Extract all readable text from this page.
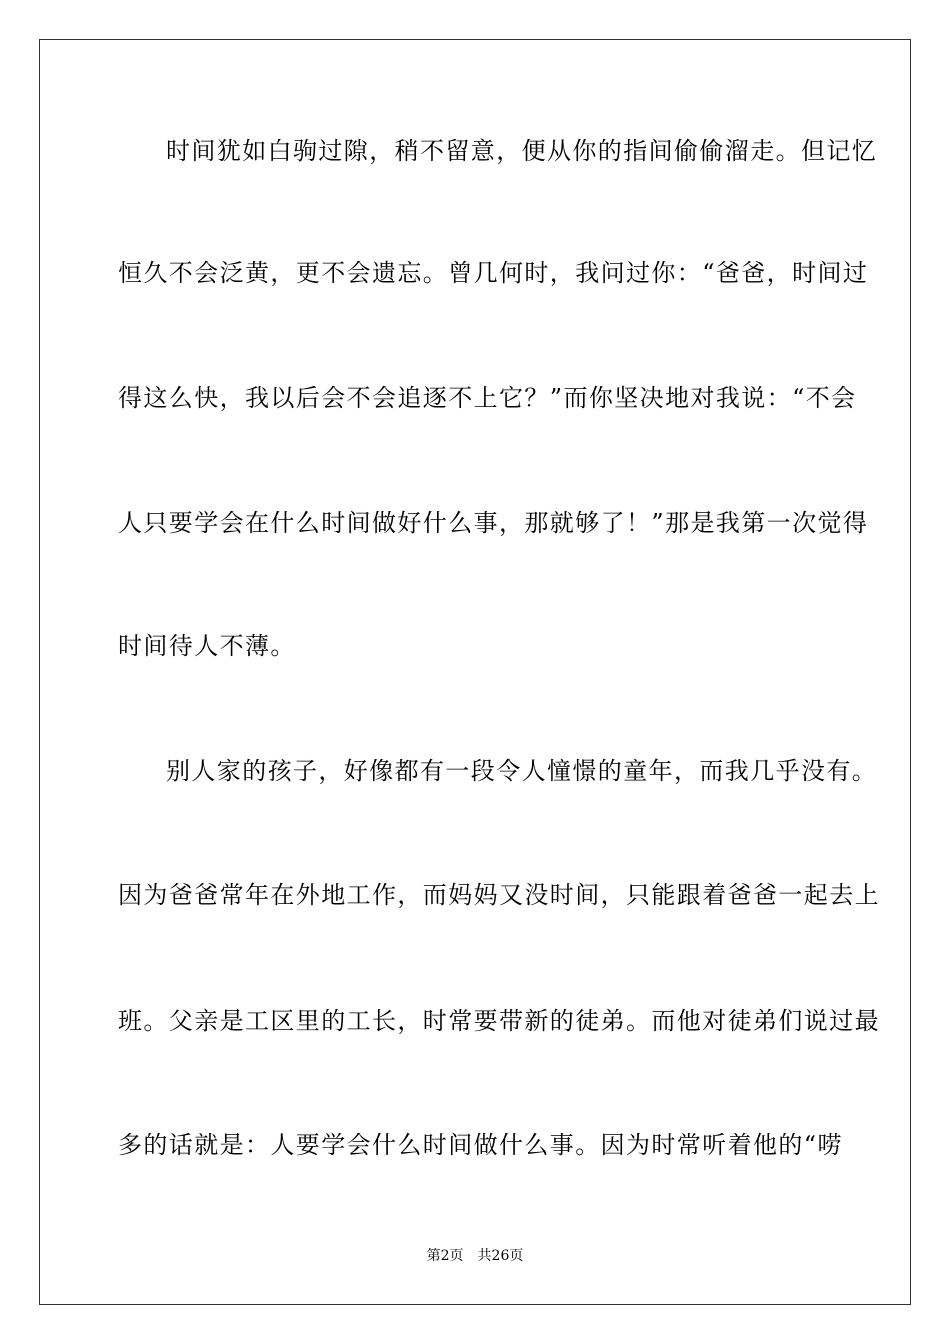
时间犹如白驹过隙，稍不留意，便从你的指间偷偷溜走。但记忆
恒久不会泛黄，更不会遗忘。曾几何时，我问过你：“爸爸，时间过
得这么快，我以后会不会追逐不上它？”而你坚决地对我说：“不会
人只要学会在什么时间做好什么事，那就够了！”那是我第一次觉得
时间待人不薄。
别人家的孩子，好像都有一段令人憧憬的童年，而我几乎没有。
因为爸爸常年在外地工作，而妈妈又没时间，只能跟着爸爸一起去上
班。父亲是工区里的工长，时常要带新的徒弟。而他对徒弟们说过最
多的话就是：人要学会什么时间做什么事。因为时常听着他的“唠
第2页 共26页
